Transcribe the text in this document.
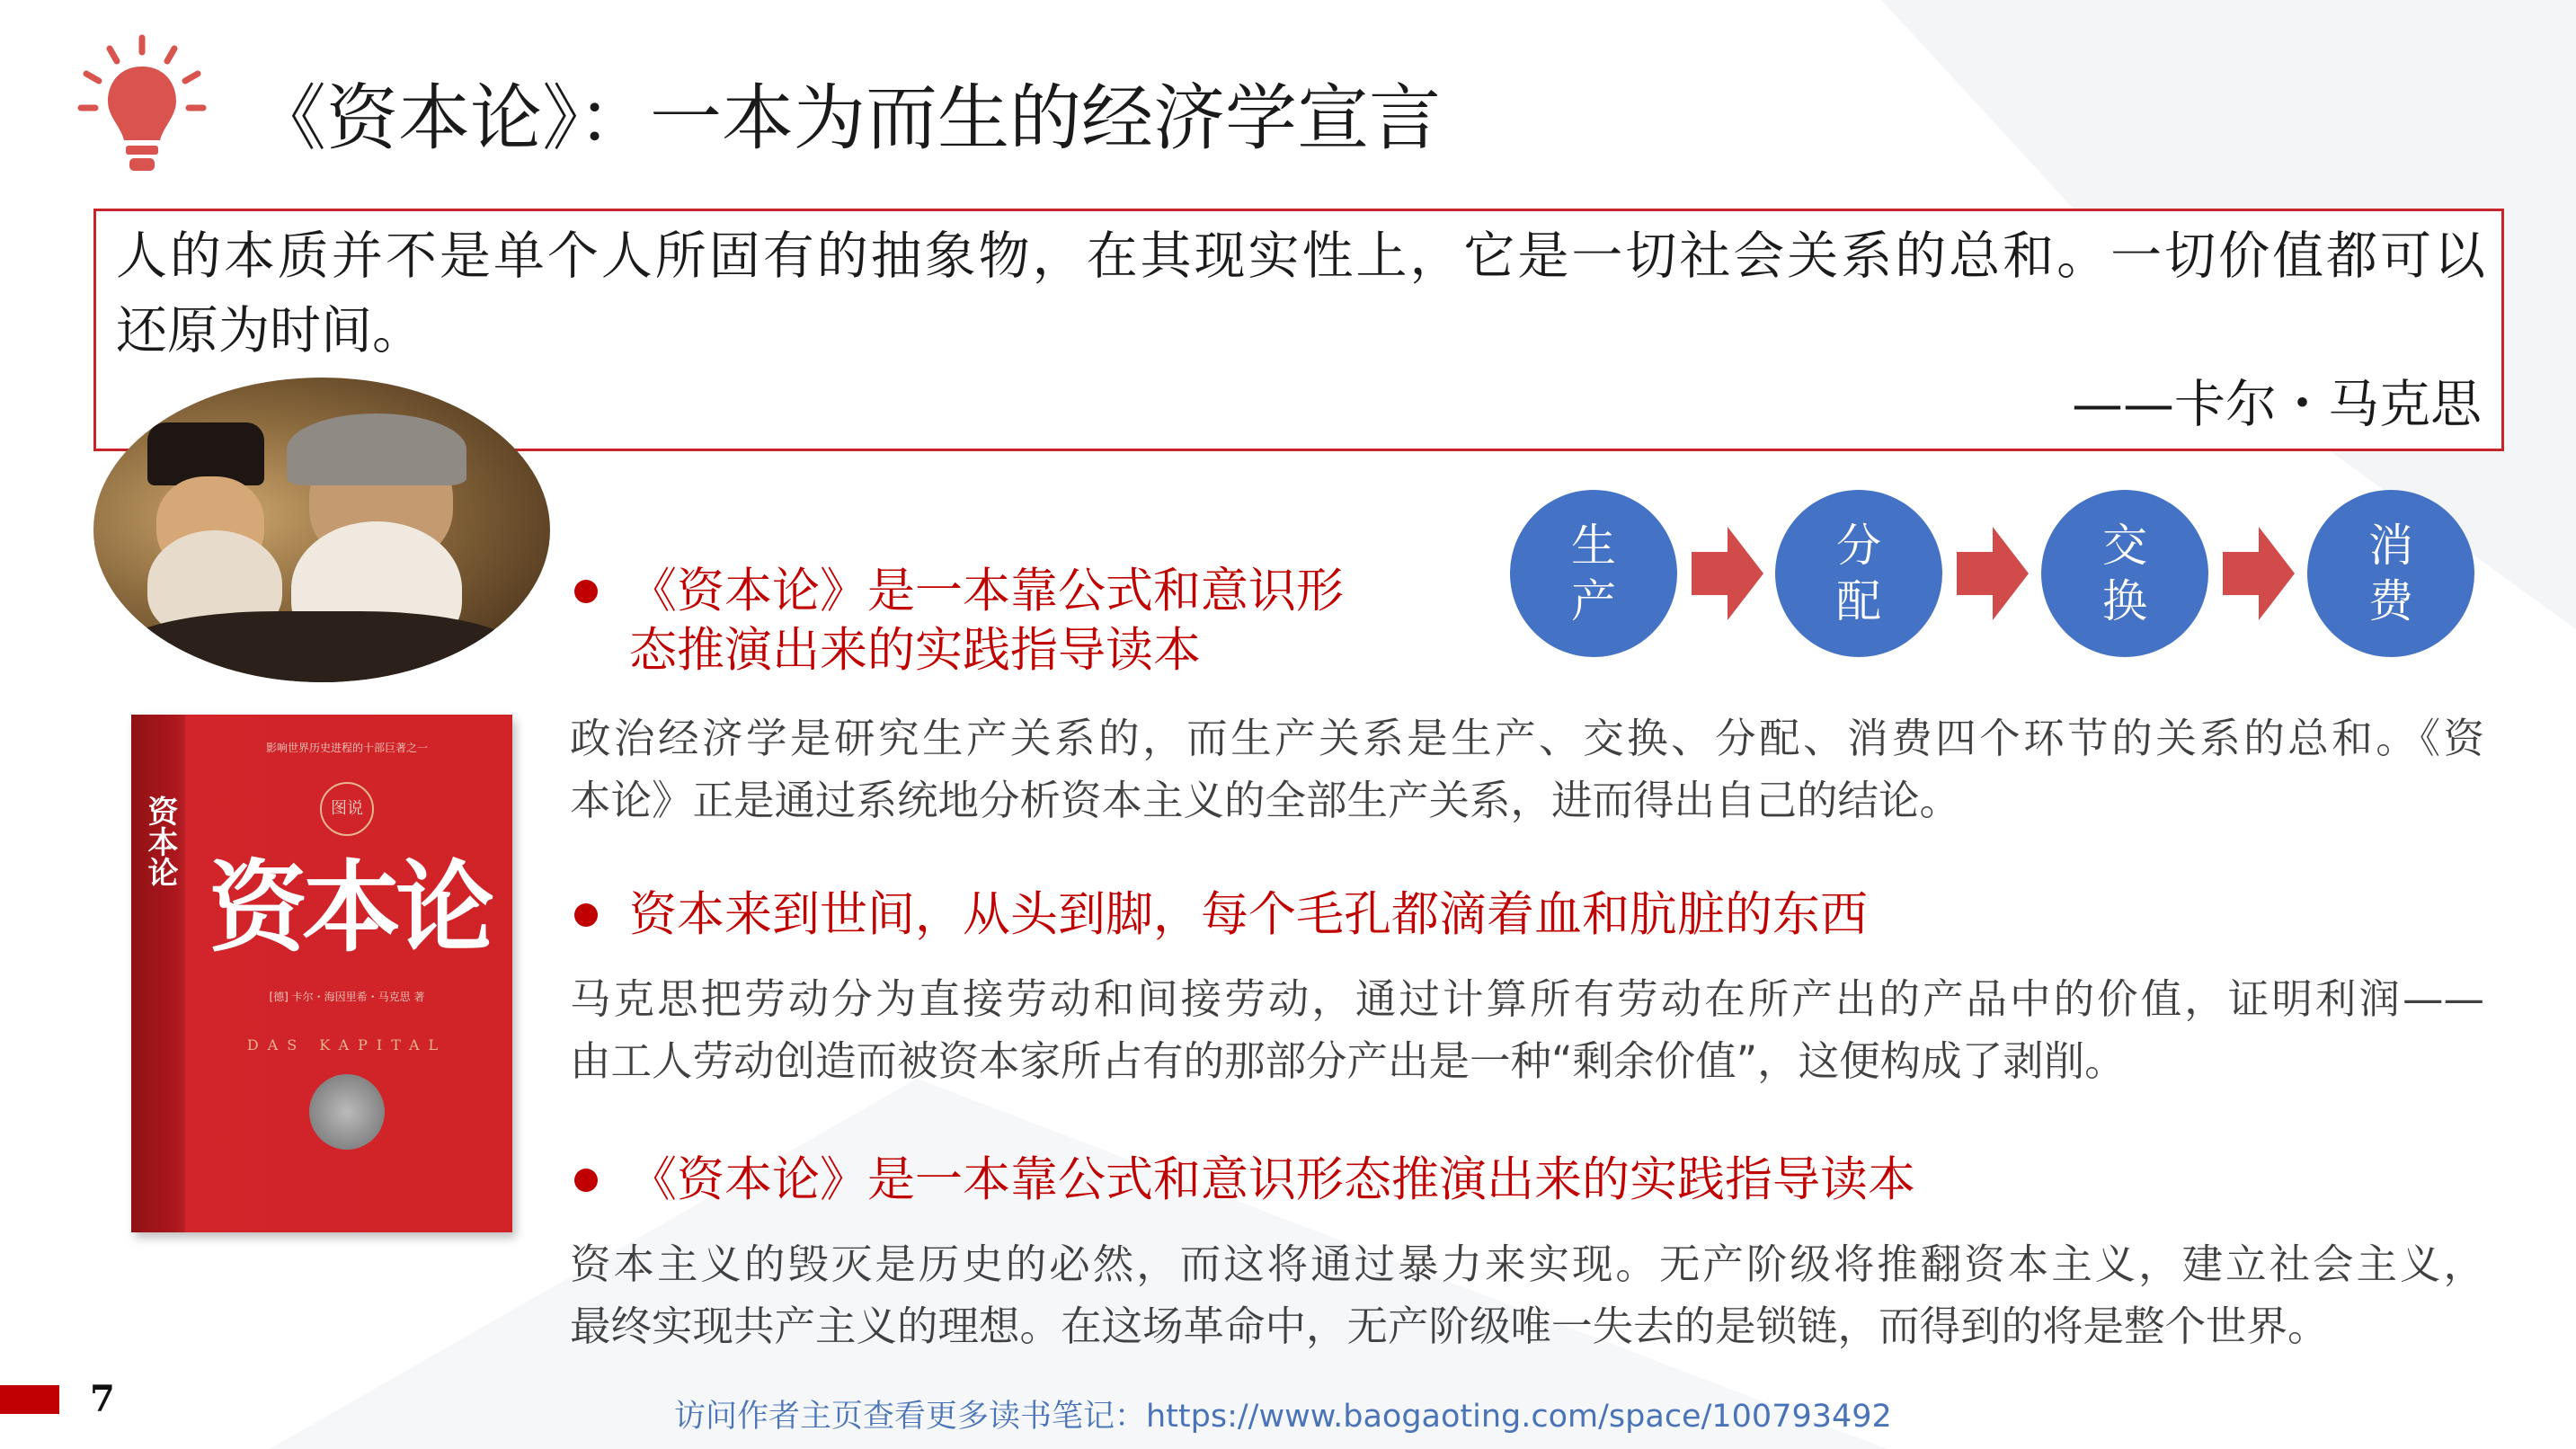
《资本论》：一本为而生的经济学宣言
人的本质并不是单个人所固有的抽象物，在其现实性上，它是一切社会关系的总和。一切价值都可以
还原为时间。
——卡尔・马克思
资本论
影响世界历史进程的十部巨著之一
图说
资本论
[德] 卡尔・海因里希・马克思 著
DAS KAPITAL
《资本论》是一本靠公式和意识形
态推演出来的实践指导读本
生
产
分
配
交
换
消
费
政治经济学是研究生产关系的，而生产关系是生产、交换、分配、消费四个环节的关系的总和。《资
本论》正是通过系统地分析资本主义的全部生产关系，进而得出自己的结论。
资本来到世间，从头到脚，每个毛孔都滴着血和肮脏的东西
马克思把劳动分为直接劳动和间接劳动，通过计算所有劳动在所产出的产品中的价值，证明利润——
由工人劳动创造而被资本家所占有的那部分产出是一种“剩余价值”，这便构成了剥削。
《资本论》是一本靠公式和意识形态推演出来的实践指导读本
资本主义的毁灭是历史的必然，而这将通过暴力来实现。无产阶级将推翻资本主义，建立社会主义，
最终实现共产主义的理想。在这场革命中，无产阶级唯一失去的是锁链，而得到的将是整个世界。
7	访问作者主页查看更多读书笔记：https://www.baogaoting.com/space/100793492
